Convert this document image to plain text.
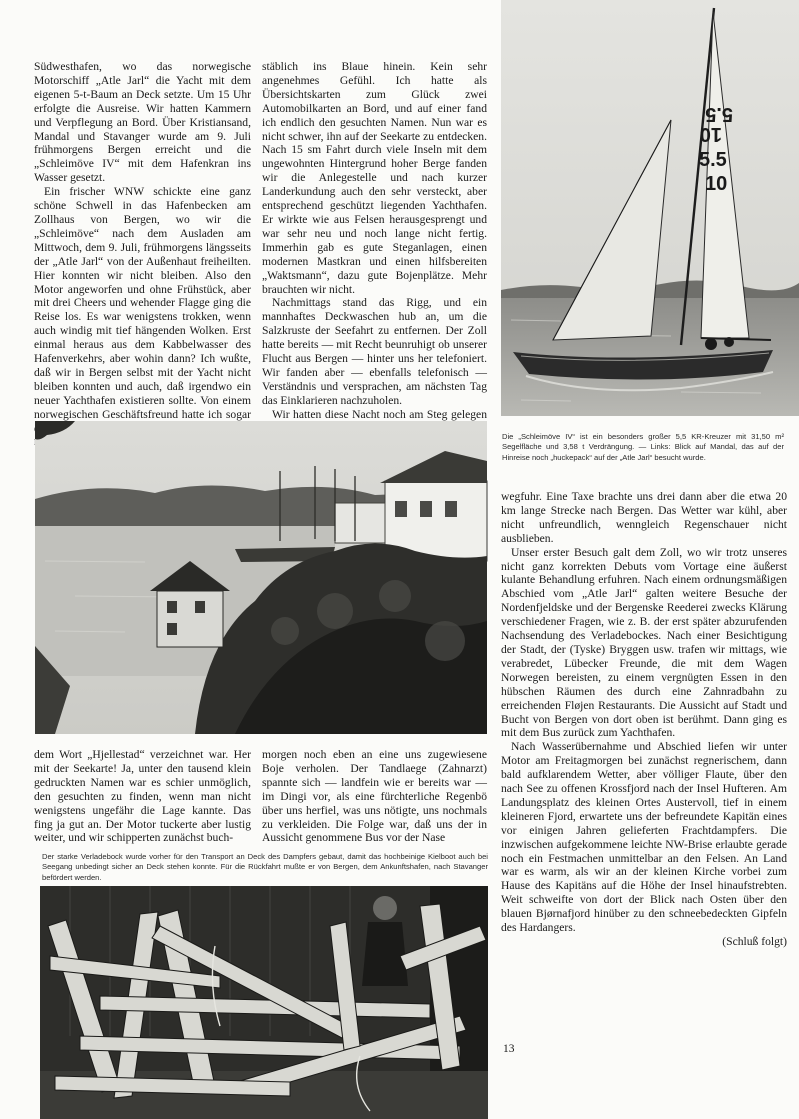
Südwesthafen, wo das norwegische Motorschiff „Atle Jarl“ die Yacht mit dem eigenen 5-t-Baum an Deck setzte. Um 15 Uhr erfolgte die Ausreise. Wir hatten Kammern und Verpflegung an Bord. Über Kristiansand, Mandal und Stavanger wurde am 9. Juli frühmorgens Bergen erreicht und die „Schleimöve IV“ mit dem Hafenkran ins Wasser gesetzt.

Ein frischer WNW schickte eine ganz schöne Schwell in das Hafenbecken am Zollhaus von Bergen, wo wir die „Schleimöve“ nach dem Ausladen am Mittwoch, dem 9. Juli, frühmorgens längsseits der „Atle Jarl“ von der Außenhaut freiheilten. Hier konnten wir nicht bleiben. Also den Motor angeworfen und ohne Frühstück, aber mit drei Cheers und wehender Flagge ging die Reise los. Es war wenigstens trokken, wenn auch windig mit tief hängenden Wolken. Erst einmal heraus aus dem Kabbelwasser des Hafenverkehrs, aber wohin dann? Ich wußte, daß wir in Bergen selbst mit der Yacht nicht bleiben konnten und auch, daß irgendwo ein neuer Yachthafen existieren sollte. Von einem norwegischen Geschäftsfreund hatte ich sogar

stäblich ins Blaue hinein. Kein sehr angenehmes Gefühl. Ich hatte als Übersichtskarten zum Glück zwei Automobilkarten an Bord, und auf einer fand ich endlich den gesuchten Namen. Nun war es nicht schwer, ihn auf der Seekarte zu entdecken. Nach 15 sm Fahrt durch viele Inseln mit dem ungewohnten Hintergrund hoher Berge fanden wir die Anlegestelle und nach kurzer Landerkundung auch den sehr versteckt, aber entsprechend geschützt liegenden Yachthafen. Er wirkte wie aus Felsen herausgesprengt und war sehr neu und noch lange nicht fertig. Immerhin gab es gute Steganlagen, einen modernen Mastkran und einen hilfsbereiten „Waktsmann“, dazu gute Bojenplätze. Mehr brauchten wir nicht.

Nachmittags stand das Rigg, und ein mannhaftes Deckwaschen hub an, um die Salzkruste der Seefahrt zu entfernen. Der Zoll hatte bereits — mit Recht beunruhigt ob unserer Flucht aus Bergen — hinter uns her telefoniert. Wir fanden aber — ebenfalls telefonisch — Verständnis und versprachen, am nächsten Tag das Einklarieren nachzuholen.

Wir hatten diese Nacht noch am Steg gelegen

5.5
10
5.5
10

Die „Schleimöve IV“ ist ein besonders großer 5,5 KR-Kreuzer mit 31,50 m² Segelfläche und 3,58 t Verdrängung. — Links: Blick auf Mandal, das auf der Hinreise noch „huckepack“ auf der „Atle Jarl“ besucht wurde.

wegfuhr. Eine Taxe brachte uns drei dann aber die etwa 20 km lange Strecke nach Bergen. Das Wetter war kühl, aber nicht unfreundlich, wenngleich Regenschauer nicht ausblieben.

Unser erster Besuch galt dem Zoll, wo wir trotz unseres nicht ganz korrekten Debuts vom Vortage eine äußerst kulante Behandlung erfuhren. Nach einem ordnungsmäßigen Abschied vom „Atle Jarl“ galten weitere Besuche der Nordenfjeldske und der Bergenske Reederei zwecks Klärung verschiedener Fragen, wie z. B. der erst später abzurufenden Nachsendung des Verladebockes. Nach einer Besichtigung der Stadt, der (Tyske) Bryggen usw. trafen wir mittags, wie verabredet, Lübecker Freunde, die mit dem Wagen Norwegen bereisten, zu einem vergnügten Essen in den hübschen Räumen des durch eine Zahnradbahn zu erreichenden Fløjen Restaurants. Die Aussicht auf Stadt und Bucht von Bergen von dort oben ist berühmt. Dann ging es mit dem Bus zurück zum Yachthafen.

Nach Wasserübernahme und Abschied liefen wir unter Motor am Freitagmorgen bei zunächst regnerischem, dann bald aufklarendem Wetter, aber völliger Flaute, über den nach See zu offenen Krossfjord nach der Insel Hufteren. Am Landungsplatz des kleinen Ortes Austervoll, tief in einem kleineren Fjord, erwartete uns der befreundete Kapitän eines vor einigen Jahren gelieferten Frachtdampfers. Die inzwischen aufgekommene leichte NW-Brise erlaubte gerade noch ein Festmachen unmittelbar an den Felsen. An Land war es warm, als wir an der kleinen Kirche vorbei zum Hause des Kapitäns auf die Höhe der Insel hinaufstrebten. Weit schweifte von dort der Blick nach Osten über den blauen Bjørnafjord hinüber zu den schneebedeckten Gipfeln des Hardangers.

(Schluß folgt)

dem Wort „Hjellestad“ verzeichnet war. Her mit der Seekarte! Ja, unter den tausend klein gedruckten Namen war es schier unmöglich, den gesuchten zu finden, wenn man nicht wenigstens ungefähr die Lage kannte. Das fing ja gut an. Der Motor tuckerte aber lustig weiter, und wir schipperten zunächst buch-

morgen noch eben an eine uns zugewiesene Boje verholen. Der Tandlaege (Zahnarzt) spannte sich — landfein wie er bereits war — im Dingi vor, als eine fürchterliche Regenbö über uns herfiel, was uns nötigte, uns nochmals zu verkleiden. Die Folge war, daß uns der in Aussicht genommene Bus vor der Nase

Der starke Verladebock wurde vorher für den Transport an Deck des Dampfers gebaut, damit das hochbeinige Kielboot auch bei Seegang unbedingt sicher an Deck stehen konnte. Für die Rückfahrt mußte er von Bergen, dem Ankunftshafen, nach Stavanger befördert werden.

13
